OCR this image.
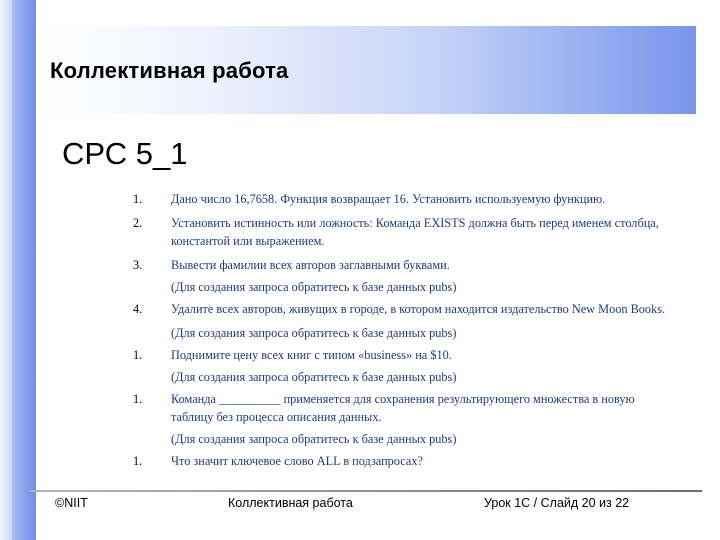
Коллективная работа
СРС 5_1
1. Дано число 16,7658. Функция возвращает 16. Установить используемую функцию.
2. Установить истинность или ложность: Команда EXISTS должна быть перед именем столбца, константой или выражением.
3. Вывести фамилии всех авторов заглавными буквами.
(Для создания запроса обратитесь к базе данных pubs)
4. Удалите всех авторов, живущих в городе, в котором находится издательство New Moon Books.
(Для создания запроса обратитесь к базе данных pubs)
1. Поднимите цену всех книг с типом «business» на $10.
(Для создания запроса обратитесь к базе данных pubs)
1. Команда __________ применяется для сохранения результирующего множества в новую таблицу без процесса описания данных.
(Для создания запроса обратитесь к базе данных pubs)
1. Что значит ключевое слово ALL в подзапросах?
©NIIT	Коллективная работа	Урок 1С / Слайд 20 из 22
